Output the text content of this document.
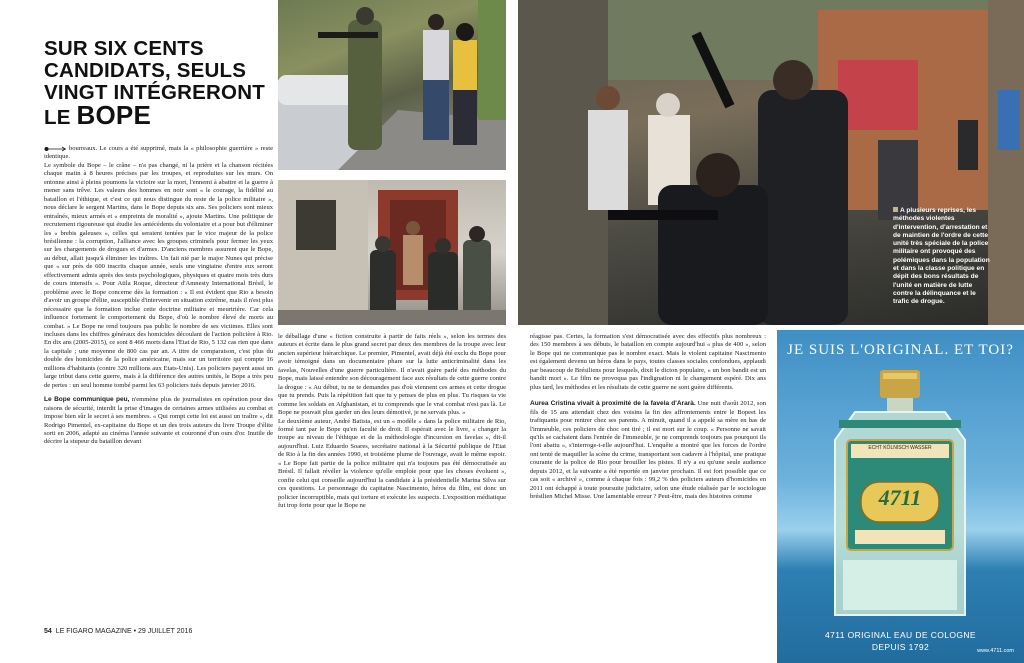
SUR SIX CENTS
CANDIDATS, SEULS
VINGT INTÉGRERONT
LE BOPE

bourreaux. Le cours a été supprimé, mais la « philosophie guerrière » reste identique.

Le symbole du Bope – le crâne – n'a pas changé, ni la prière et la chanson récitées chaque matin à 8 heures précises par les troupes, et reproduites sur les murs. On entonne ainsi à pleins poumons la victoire sur la mort, l'ennemi à abattre et la guerre à mener sans trêve. Les valeurs des hommes en noir sont « le courage, la fidélité au bataillon et l'éthique, et c'est ce qui nous distingue du reste de la police militaire », nous déclare le sergent Martins, dans le Bope depuis six ans. Ses policiers sont mieux entraînés, mieux armés et « empreints de moralité », ajoute Martins. Une politique de recrutement rigoureuse qui étudie les antécédents du volontaire et a pour but d'éliminer les « brebis galeuses », celles qui seraient tentées par le vice majeur de la police brésilienne : la corruption, l'alliance avec les groupes criminels pour fermer les yeux sur les chargements de drogues et d'armes. D'anciens membres assurent que le Bope, au début, allait jusqu'à éliminer les traîtres. Un fait nié par le major Nunes qui précise que « sur près de 600 inscrits chaque année, seuls une vingtaine d'entre eux seront effectivement admis après des tests psychologiques, physiques et quatre mois très durs de cours intensifs ». Pour Atila Roque, directeur d'Amnesty International Brésil, le problème avec le Bope concerne dès la formation : « Il est évident que Rio a besoin d'avoir un groupe d'élite, susceptible d'intervenir en situation extrême, mais il n'est plus nécessaire que la formation inclue cette doctrine militaire et meurtrière. Car cela influence fortement le comportement du Bope, d'où le nombre élevé de morts au combat. » Le Bope ne rend toujours pas public le nombre de ses victimes. Elles sont incluses dans les chiffres généraux des homicides découlant de l'action policière à Rio. En dix ans (2005-2015), ce sont 8 466 morts dans l'Etat de Rio, 5 132 cas rien que dans la capitale ; une moyenne de 800 cas par an. A titre de comparaison, c'est plus du double des homicides de la police américaine, mais sur un territoire qui compte 16 millions d'habitants (contre 320 millions aux Etats-Unis). Les policiers payent aussi un large tribut dans cette guerre, mais à la différence des autres unités, le Bope a très peu de pertes : un seul homme tombé parmi les 63 policiers tués depuis janvier 2016.

Le Bope communique peu, n'emmène plus de journalistes en opération pour des raisons de sécurité, interdit la prise d'images de certaines armes utilisées au combat et impose bien sûr le secret à ses membres. « Qui rompt cette loi est aussi un traître », dit Rodrigo Pimentel, ex-capitaine du Bope et un des trois auteurs du livre Troupe d'élite sorti en 2006, adapté au cinéma l'année suivante et couronné d'un ours d'or. Inutile de décrire la stupeur du bataillon devant

le déballage d'une « fiction construite à partir de faits réels », selon les termes des auteurs et écrite dans le plus grand secret par deux des membres de la troupe avec leur ancien supérieur hiérarchique. Le premier, Pimentel, avait déjà été exclu du Bope pour avoir témoigné dans un documentaire phare sur la lutte anticriminalité dans les favelas, Nouvelles d'une guerre particulière. Il n'avait guère parlé des méthodes du Bope, mais laissé entendre son découragement face aux résultats de cette guerre contre la drogue : « Au début, tu ne te demandes pas d'où viennent ces armes et cette drogue que tu prends. Puis la répétition fait que tu y penses de plus en plus. Tu risques ta vie comme les soldats en Afghanistan, et tu comprends que le vrai combat n'est pas là. Le Bope ne pouvait plus garder un des leurs démotivé, je ne servais plus. »

Le deuxième auteur, André Batista, est un « modèle » dans la police militaire de Rio, formé tant par le Bope qu'en faculté de droit. Il espérait avec le livre, « changer la troupe au niveau de l'éthique et de la méthodologie d'incursion en favelas », dit-il aujourd'hui. Luiz Eduardo Soares, secrétaire national à la Sécurité publique de l'Etat de Rio à la fin des années 1990, et troisième plume de l'ouvrage, avait le même espoir. « Le Bope fait partie de la police militaire qui n'a toujours pas été démocratisée au Brésil. Il fallait révéler la violence qu'elle emploie pour que les choses évoluent », confie celui qui conseille aujourd'hui la candidate à la présidentielle Marina Silva sur ces questions. Le personnage du capitaine Nascimento, héros du film, est donc un policier incorruptible, mais qui torture et exécute les suspects. L'exposition médiatique fut trop forte pour que le Bope ne

réagisse pas. Certes, la formation s'est démocratisée avec des effectifs plus nombreux : des 150 membres à ses débuts, le bataillon en compte aujourd'hui « plus de 400 », selon le Bope qui ne communique pas le nombre exact. Mais le violent capitaine Nascimento est également devenu un héros dans le pays, toutes classes sociales confondues, applaudi par beaucoup de Brésiliens pour lesquels, dixit le dicton populaire, « un bon bandit est un bandit mort ». Le film ne provoqua pas l'indignation ni le changement espéré. Dix ans plus tard, les méthodes et les résultats de cette guerre ne sont guère différents.

Aurea Cristina vivait à proximité de la favela d'Ararà. Une nuit d'août 2012, son fils de 15 ans attendait chez des voisins la fin des affrontements entre le Bopeet les trafiquants pour rentrer chez ses parents. A minuit, quand il a appelé sa mère en bas de l'immeuble, ces policiers de choc ont tiré ; il est mort sur le coup. « Personne ne savait qu'ils se cachaient dans l'entrée de l'immeuble, je ne comprends toujours pas pourquoi ils l'ont abattu », s'interroge-t-elle aujourd'hui. L'enquête a montré que les forces de l'ordre ont tenté de maquiller la scène du crime, transportant son cadavre à l'hôpital, une pratique courante de la police de Rio pour brouiller les pistes. Il n'y a eu qu'une seule audience depuis 2012, et la suivante a été reportée en janvier prochain. Il est fort possible que ce cas soit « archivé », comme à chaque fois : 99,2 % des policiers auteurs d'homicides en 2011 ont échappé à toute poursuite judiciaire, selon une étude réalisée par le sociologue brésilien Michel Misse. Une lamentable erreur ? Peut-être, mais des histoires comme

A plusieurs reprises, les méthodes violentes d'intervention, d'arrestation et de maintien de l'ordre de cette unité très spéciale de la police militaire ont provoqué des polémiques dans la population et dans la classe politique en dépit des bons résultats de l'unité en matière de lutte contre la délinquance et le trafic de drogue.
54 LE FIGARO MAGAZINE • 29 JUILLET 2016
JE SUIS L'ORIGINAL. ET TOI?
ECHT KÖLNISCH WASSER
EAU DE COLOGNE
4711
4711 ORIGINAL EAU DE COLOGNE
DEPUIS 1792	www.4711.com
